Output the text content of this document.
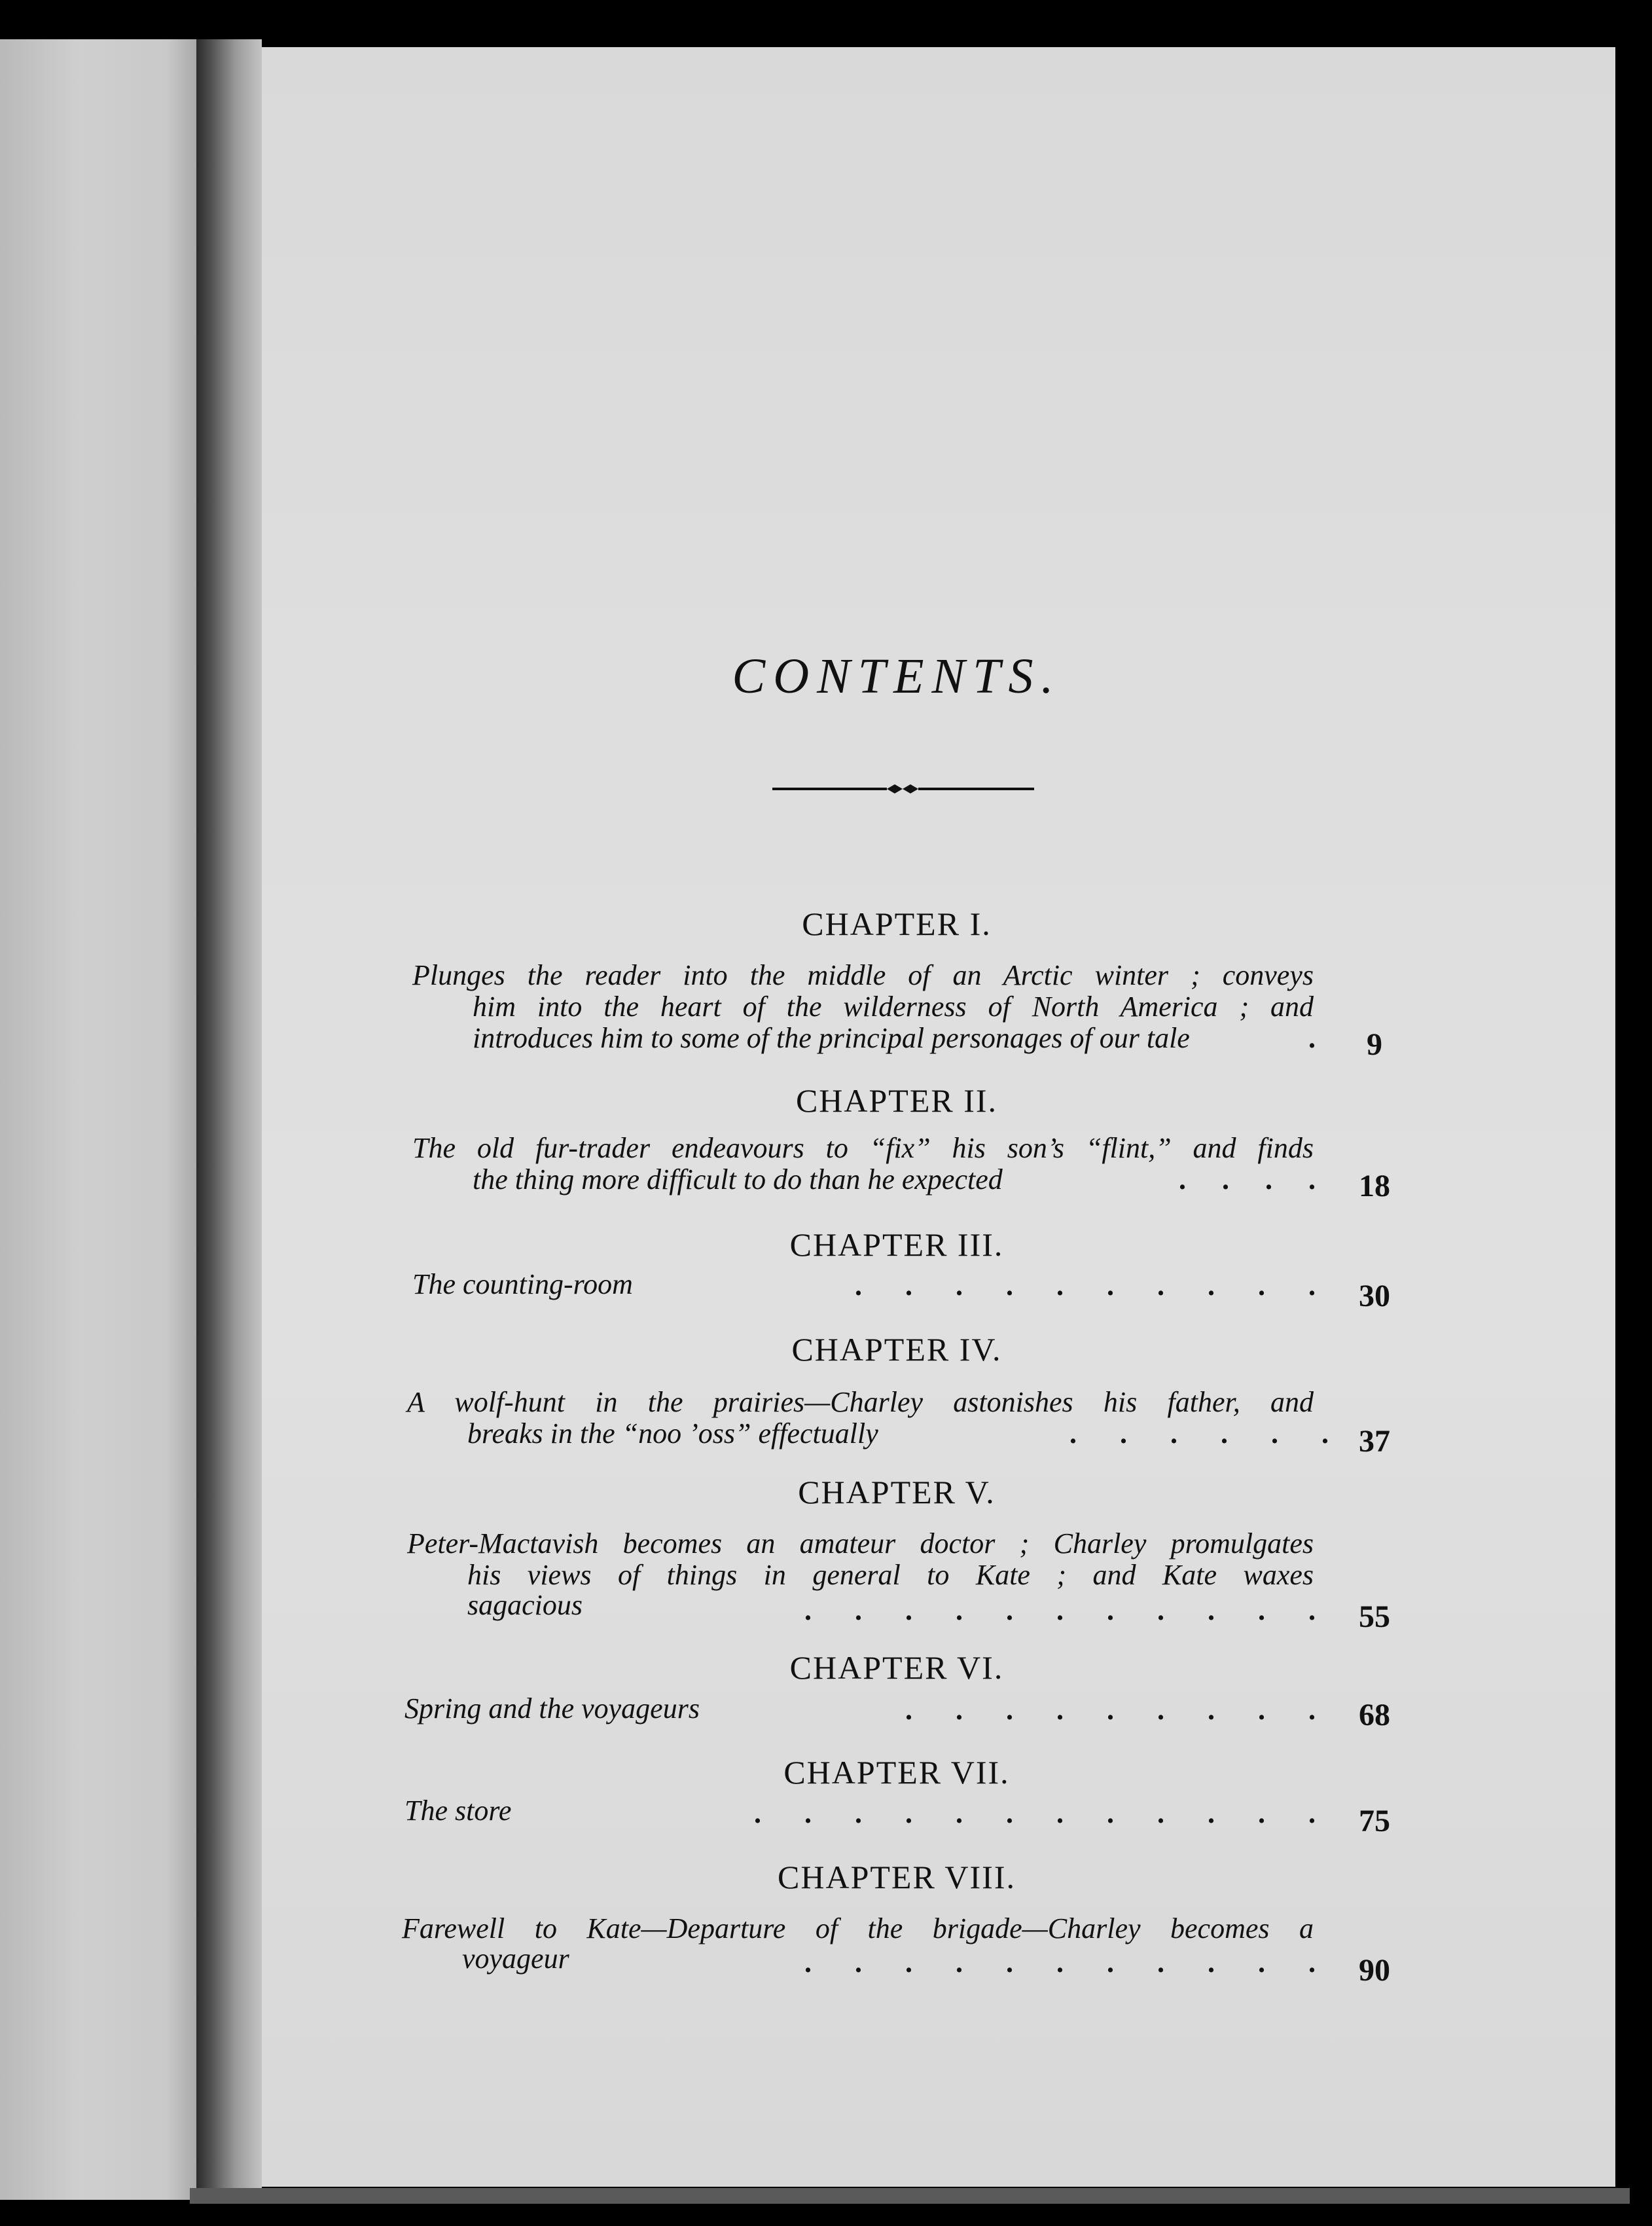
CONTENTS.
CHAPTER I.
Plunges the reader into the middle of an Arctic winter ; conveys
him into the heart of the wilderness of North America ; and
introduces him to some of the principal personages of our tale	.	9
CHAPTER II.
The old fur-trader endeavours to “fix” his son’s “flint,” and finds
the thing more difficult to do than he expected	.     .     .     .	18
CHAPTER III.
The counting-room	.      .      .      .      .      .      .      .      .      .	30
CHAPTER IV.
A wolf-hunt in the prairies—Charley astonishes his father, and
breaks in the “noo ’oss” effectually	.      .      .      .      .      . 37
CHAPTER V.
Peter-Mactavish becomes an amateur doctor ; Charley promulgates
his views of things in general to Kate ; and Kate waxes
sagacious	.      .      .      .      .      .      .      .      .      .      .	55
CHAPTER VI.
Spring and the voyageurs	.      .      .      .      .      .      .      .      .	68
CHAPTER VII.
The store	.      .      .      .      .      .      .      .      .      .      .      .	75
CHAPTER VIII.
Farewell to Kate—Departure of the brigade—Charley becomes a
voyageur	.      .      .      .      .      .      .      .      .      .      .	90
